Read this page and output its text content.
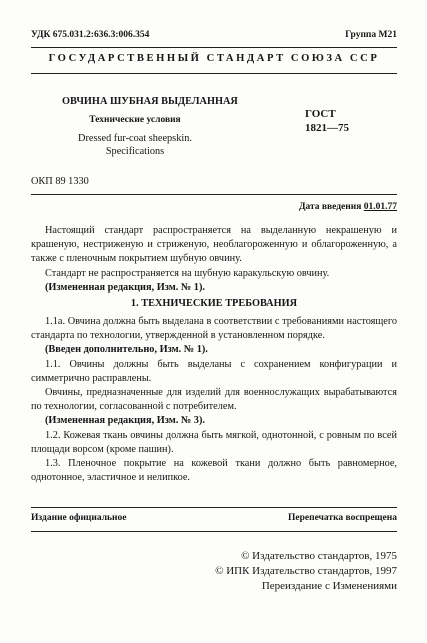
УДК 675.031.2:636.3:006.354	Группа М21
ГОСУДАРСТВЕННЫЙ СТАНДАРТ СОЮЗА ССР
ОВЧИНА ШУБНАЯ ВЫДЕЛАННАЯ
Технические условия
Dressed fur-coat sheepskin.
Specifications
ГОСТ
1821—75
ОКП 89 1330
Дата введения 01.01.77

Настоящий стандарт распространяется на выделанную некрашеную и крашеную, нестриженую и стриженую, необлагороженную и облагороженную, а также с пленочным покрытием шубную овчину.

Стандарт не распространяется на шубную каракульскую овчину.

(Измененная редакция, Изм. № 1).

1. ТЕХНИЧЕСКИЕ ТРЕБОВАНИЯ

1.1а. Овчина должна быть выделана в соответствии с требованиями настоящего стандарта по технологии, утвержденной в установленном порядке.

(Введен дополнительно, Изм. № 1).

1.1. Овчины должны быть выделаны с сохранением конфигурации и симметрично расправлены.

Овчины, предназначенные для изделий для военнослужащих вырабатываются по технологии, согласованной с потребителем.

(Измененная редакция, Изм. № 3).

1.2. Кожевая ткань овчины должна быть мягкой, однотонной, с ровным по всей площади ворсом (кроме пашин).

1.3. Пленочное покрытие на кожевой ткани должно быть равномерное, однотонное, эластичное и нелипкое.

Издание официальное	Перепечатка воспрещена
© Издательство стандартов, 1975
© ИПК Издательство стандартов, 1997
Переиздание с Изменениями
